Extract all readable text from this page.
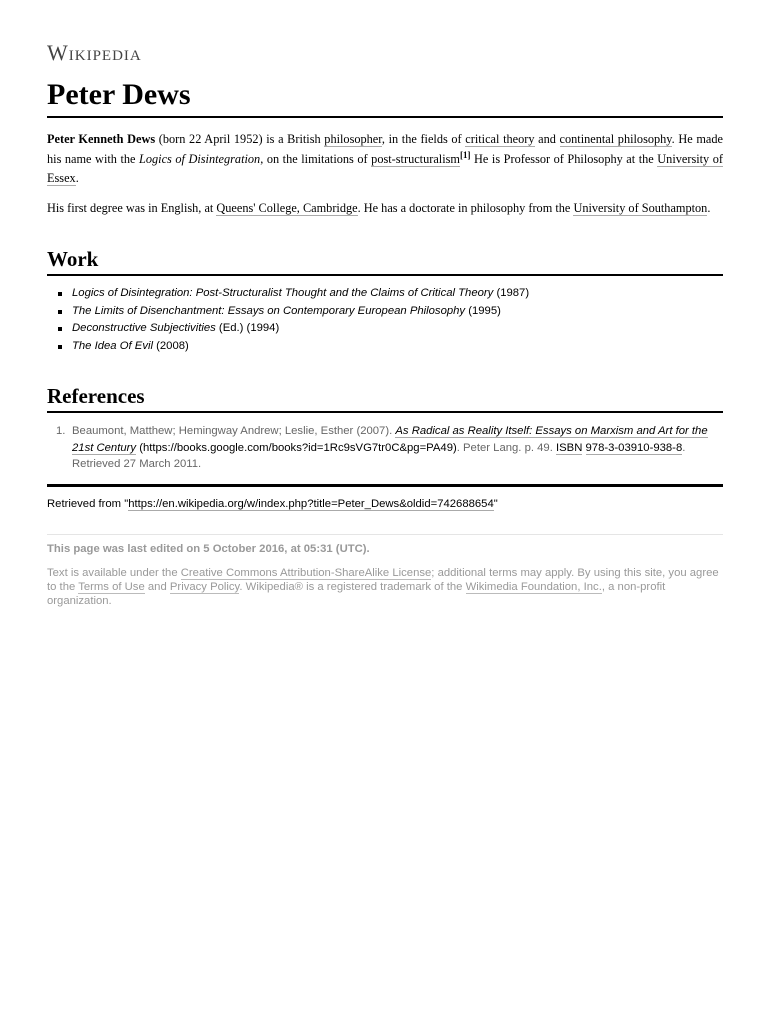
Wikipedia
Peter Dews

Peter Kenneth Dews (born 22 April 1952) is a British philosopher, in the fields of critical theory and continental philosophy. He made his name with the Logics of Disintegration, on the limitations of post-structuralism[1] He is Professor of Philosophy at the University of Essex.

His first degree was in English, at Queens' College, Cambridge. He has a doctorate in philosophy from the University of Southampton.

Work
Logics of Disintegration: Post-Structuralist Thought and the Claims of Critical Theory (1987)
The Limits of Disenchantment: Essays on Contemporary European Philosophy (1995)
Deconstructive Subjectivities (Ed.) (1994)
The Idea Of Evil (2008)
References
1. Beaumont, Matthew; Hemingway Andrew; Leslie, Esther (2007). As Radical as Reality Itself: Essays on Marxism and Art for the 21st Century (https://books.google.com/books?id=1Rc9sVG7tr0C&pg=PA49). Peter Lang. p. 49. ISBN 978-3-03910-938-8. Retrieved 27 March 2011.
Retrieved from "https://en.wikipedia.org/w/index.php?title=Peter_Dews&oldid=742688654"
This page was last edited on 5 October 2016, at 05:31 (UTC).
Text is available under the Creative Commons Attribution-ShareAlike License; additional terms may apply. By using this site, you agree to the Terms of Use and Privacy Policy. Wikipedia® is a registered trademark of the Wikimedia Foundation, Inc., a non-profit organization.
